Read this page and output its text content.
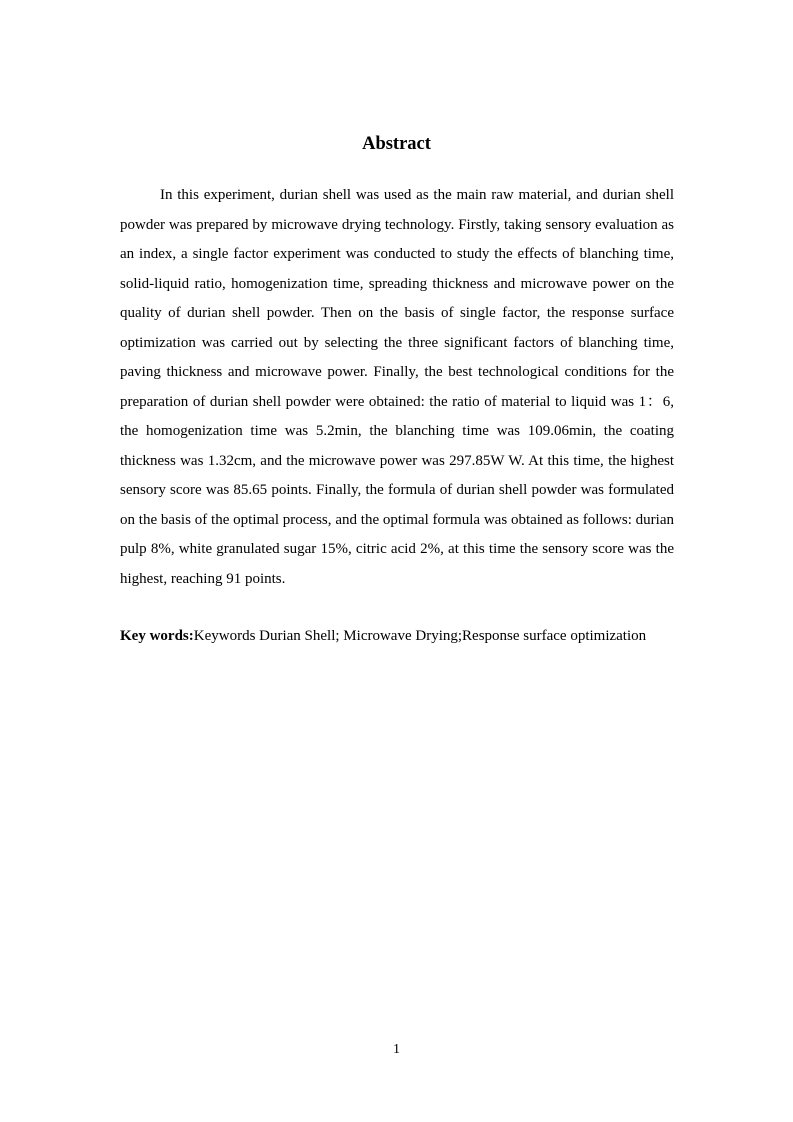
Abstract

In this experiment, durian shell was used as the main raw material, and durian shell powder was prepared by microwave drying technology. Firstly, taking sensory evaluation as an index, a single factor experiment was conducted to study the effects of blanching time, solid-liquid ratio, homogenization time, spreading thickness and microwave power on the quality of durian shell powder. Then on the basis of single factor, the response surface optimization was carried out by selecting the three significant factors of blanching time, paving thickness and microwave power. Finally, the best technological conditions for the preparation of durian shell powder were obtained: the ratio of material to liquid was 1：6, the homogenization time was 5.2min, the blanching time was 109.06min, the coating thickness was 1.32cm, and the microwave power was 297.85W W. At this time, the highest sensory score was 85.65 points. Finally, the formula of durian shell powder was formulated on the basis of the optimal process, and the optimal formula was obtained as follows: durian pulp 8%, white granulated sugar 15%, citric acid 2%, at this time the sensory score was the highest, reaching 91 points.

Key words:Keywords Durian Shell; Microwave Drying;Response surface optimization

1
